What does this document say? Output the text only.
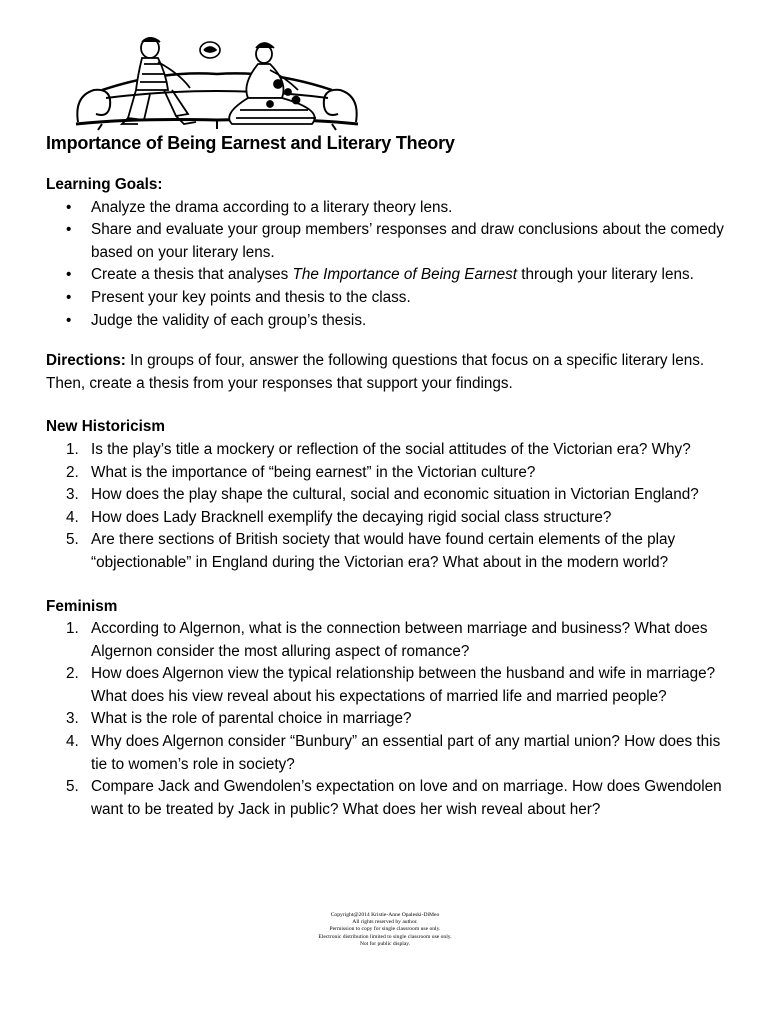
Importance of Being Earnest and Literary Theory

Learning Goals:

• Analyze the drama according to a literary theory lens.
• Share and evaluate your group members’ responses and draw conclusions about the comedy based on your literary lens.
• Create a thesis that analyses The Importance of Being Earnest through your literary lens.
• Present your key points and thesis to the class.
• Judge the validity of each group’s thesis.

Directions: In groups of four, answer the following questions that focus on a specific literary lens. Then, create a thesis from your responses that support your findings.

New Historicism

1. Is the play’s title a mockery or reflection of the social attitudes of the Victorian era? Why?
2. What is the importance of “being earnest” in the Victorian culture?
3. How does the play shape the cultural, social and economic situation in Victorian England?
4. How does Lady Bracknell exemplify the decaying rigid social class structure?
5. Are there sections of British society that would have found certain elements of the play “objectionable” in England during the Victorian era? What about in the modern world?

Feminism

1. According to Algernon, what is the connection between marriage and business? What does Algernon consider the most alluring aspect of romance?
2. How does Algernon view the typical relationship between the husband and wife in marriage? What does his view reveal about his expectations of married life and married people?
3. What is the role of parental choice in marriage?
4. Why does Algernon consider “Bunbury” an essential part of any martial union? How does this tie to women’s role in society?
5. Compare Jack and Gwendolen’s expectation on love and on marriage. How does Gwendolen want to be treated by Jack in public? What does her wish reveal about her?
Copyright@2014 Kristie-Anne Opaleski-DiMeo
All rights reserved by author.
Permission to copy for single classroom use only.
Electronic distribution limited to single classroom use only.
Not for public display.
